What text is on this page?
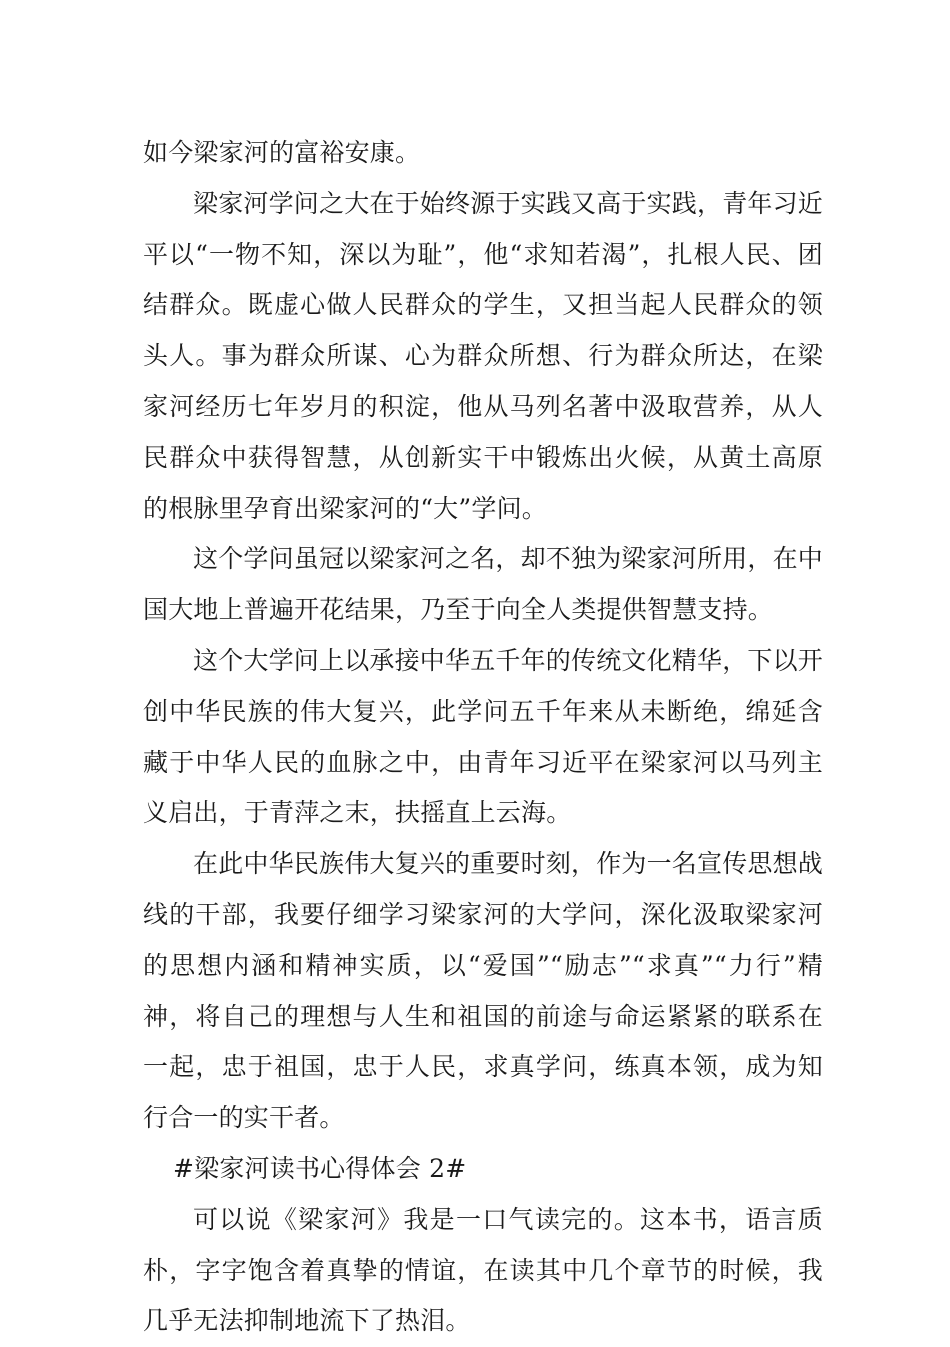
如今梁家河的富裕安康。

梁家河学问之大在于始终源于实践又高于实践，青年习近平以“一物不知，深以为耻”，他“求知若渴”，扎根人民、团结群众。既虚心做人民群众的学生，又担当起人民群众的领头人。事为群众所谋、心为群众所想、行为群众所达，在梁家河经历七年岁月的积淀，他从马列名著中汲取营养，从人民群众中获得智慧，从创新实干中锻炼出火候，从黄土高原的根脉里孕育出梁家河的“大”学问。

这个学问虽冠以梁家河之名，却不独为梁家河所用，在中国大地上普遍开花结果，乃至于向全人类提供智慧支持。

这个大学问上以承接中华五千年的传统文化精华，下以开创中华民族的伟大复兴，此学问五千年来从未断绝，绵延含藏于中华人民的血脉之中，由青年习近平在梁家河以马列主义启出，于青萍之末，扶摇直上云海。

在此中华民族伟大复兴的重要时刻，作为一名宣传思想战线的干部，我要仔细学习梁家河的大学问，深化汲取梁家河的思想内涵和精神实质，以“爱国”“励志”“求真”“力行”精神，将自己的理想与人生和祖国的前途与命运紧紧的联系在一起，忠于祖国，忠于人民，求真学问，练真本领，成为知行合一的实干者。

#梁家河读书心得体会 2#

可以说《梁家河》我是一口气读完的。这本书，语言质朴，字字饱含着真挚的情谊，在读其中几个章节的时候，我几乎无法抑制地流下了热泪。
